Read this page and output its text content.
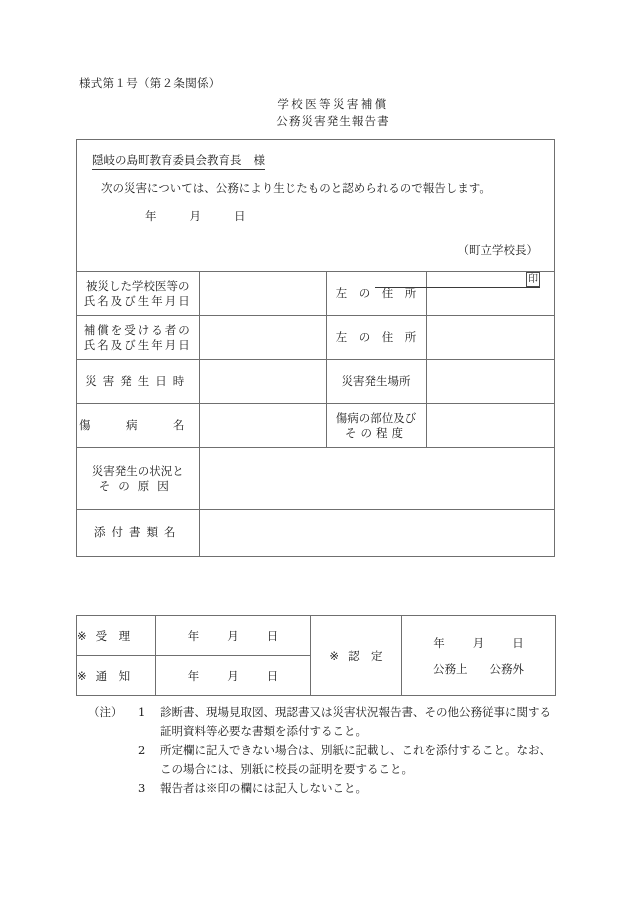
様式第１号（第２条関係）
学校医等災害補償
公務災害発生報告書
隠岐の島町教育委員会教育長 様
次の災害については、公務により生じたものと認められるので報告します。
年	月	日
（町立学校長）
印
被災した学校医等の
氏名及び生年月日		左　の　住　所	

補償を受ける者の
氏名及び生年月日		左　の　住　所	

災害発生日時		災害発生場所	

傷　病　名		傷病の部位及び
その程度	

災害発生の状況と
その原因			

添付書類名			

※ 受　理	年 月 日	※ 認　定	年 月 日
公務上 公務外

※ 通　知	年 月 日		
（注） 1 診断書、現場見取図、現認書又は災害状況報告書、その他公務従事に関する
証明資料等必要な書類を添付すること。
2 所定欄に記入できない場合は、別紙に記載し、これを添付すること。なお、
この場合には、別紙に校長の証明を要すること。
3 報告者は※印の欄には記入しないこと。
